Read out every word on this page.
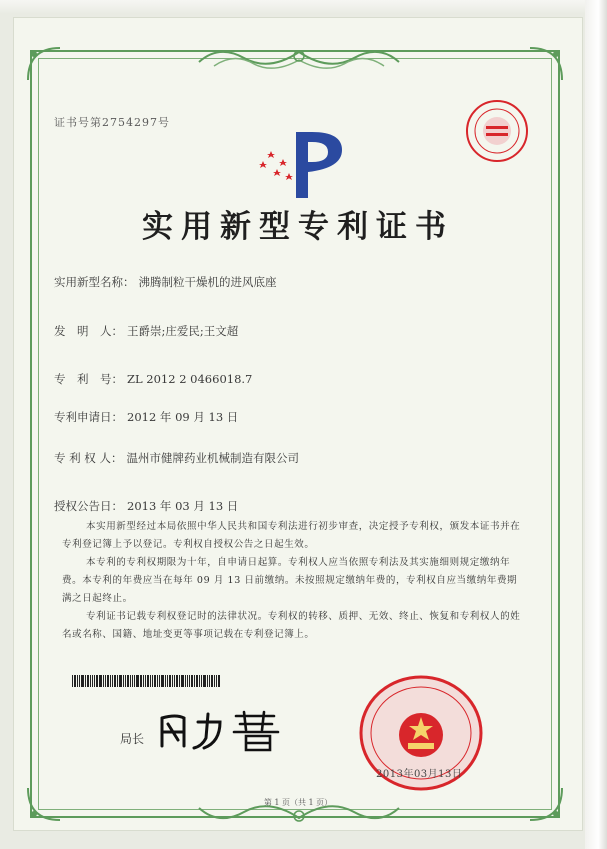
证书号第2754297号
实用新型专利证书
实用新型名称： 沸腾制粒干燥机的进风底座
发　明　人： 王爵崇;庄爱民;王文超
专　利　号： ZL 2012 2 0466018.7
专利申请日： 2012 年 09 月 13 日
专 利 权 人： 温州市健牌药业机械制造有限公司
授权公告日： 2013 年 03 月 13 日

本实用新型经过本局依照中华人民共和国专利法进行初步审查，决定授予专利权，颁发本证书并在专利登记簿上予以登记。专利权自授权公告之日起生效。

本专利的专利权期限为十年，自申请日起算。专利权人应当依照专利法及其实施细则规定缴纳年费。本专利的年费应当在每年 09 月 13 日前缴纳。未按照规定缴纳年费的，专利权自应当缴纳年费期满之日起终止。

专利证书记载专利权登记时的法律状况。专利权的转移、质押、无效、终止、恢复和专利权人的姓名或名称、国籍、地址变更等事项记载在专利登记簿上。

局长
2013年03月13日
第 1 页（共 1 页）
